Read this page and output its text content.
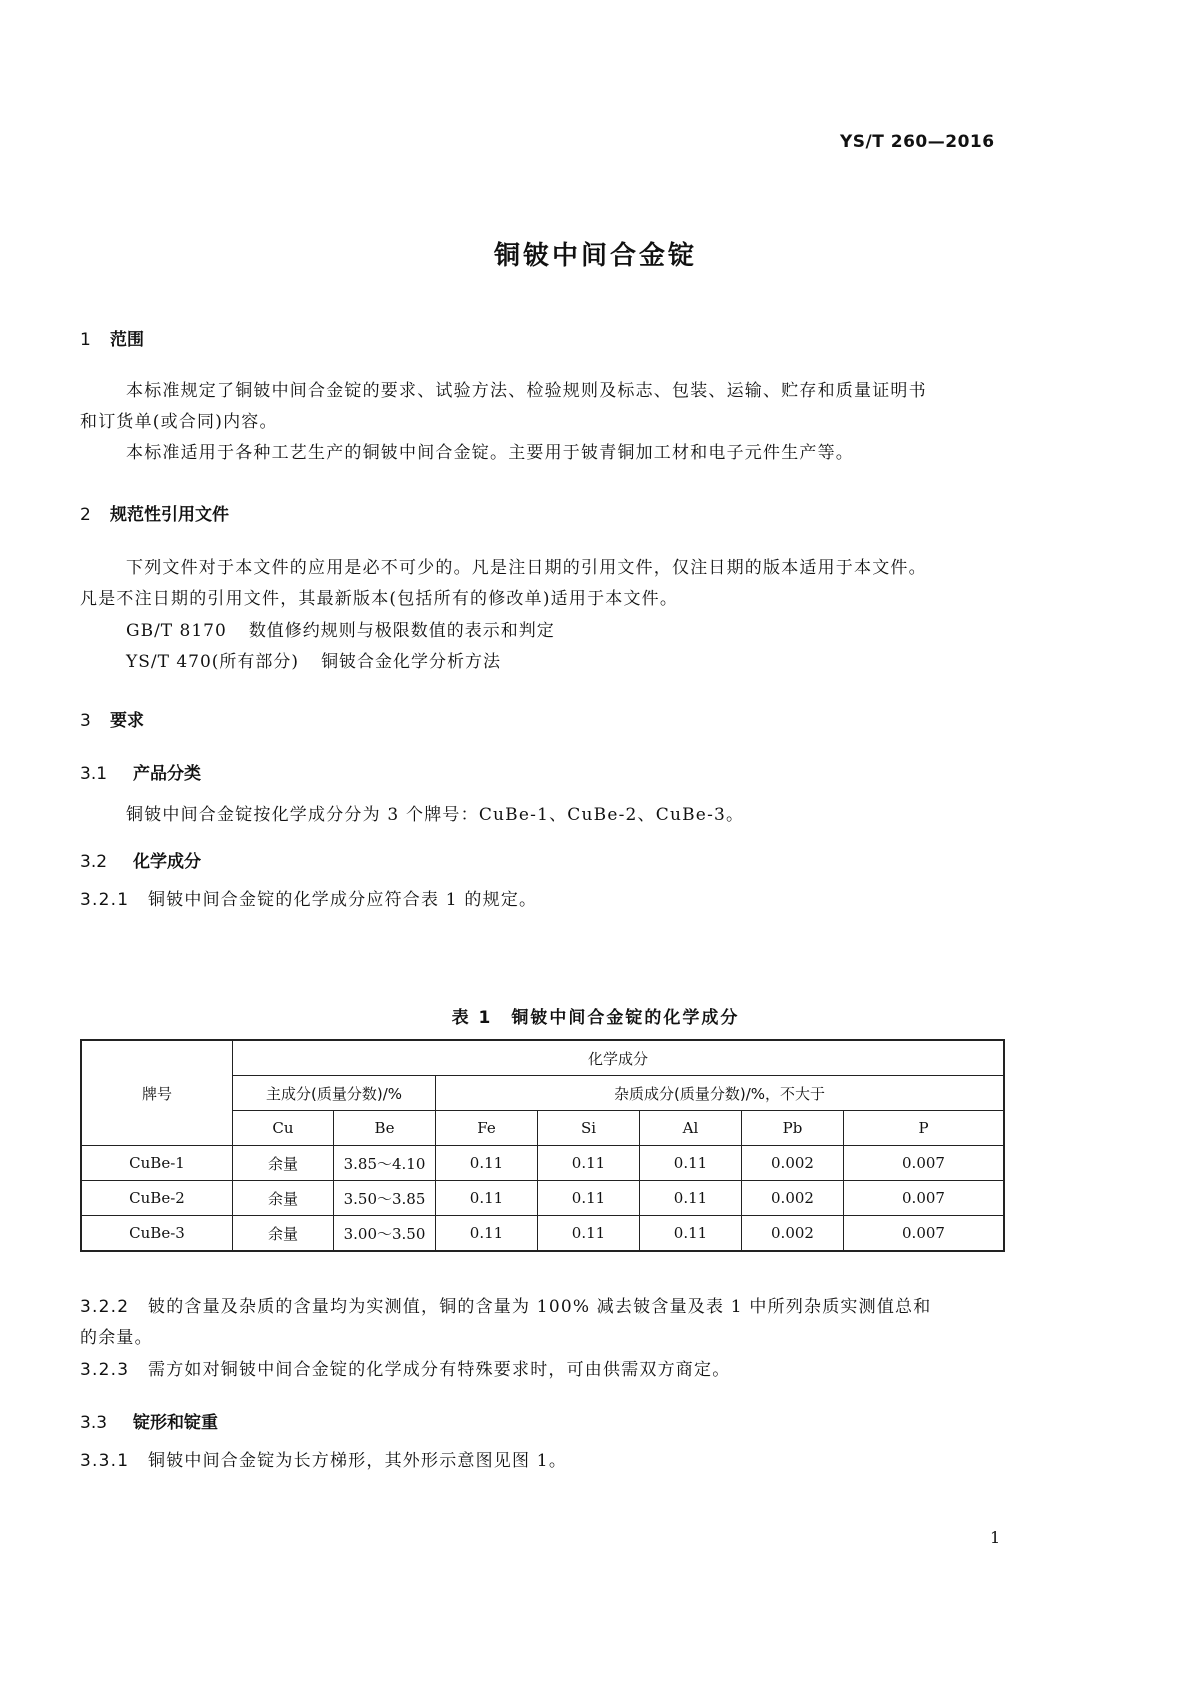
YS/T 260—2016
铜铍中间合金锭
1 范围
本标准规定了铜铍中间合金锭的要求、试验方法、检验规则及标志、包装、运输、贮存和质量证明书和订货单(或合同)内容。
本标准适用于各种工艺生产的铜铍中间合金锭。主要用于铍青铜加工材和电子元件生产等。
2 规范性引用文件
下列文件对于本文件的应用是必不可少的。凡是注日期的引用文件，仅注日期的版本适用于本文件。凡是不注日期的引用文件，其最新版本(包括所有的修改单)适用于本文件。
GB/T 8170 数值修约规则与极限数值的表示和判定
YS/T 470(所有部分) 铜铍合金化学分析方法
3 要求
3.1 产品分类
铜铍中间合金锭按化学成分分为 3 个牌号：CuBe-1、CuBe-2、CuBe-3。
3.2 化学成分
3.2.1 铜铍中间合金锭的化学成分应符合表 1 的规定。
表 1　铜铍中间合金锭的化学成分
牌号	化学成分						
	主成分(质量分数)/%		杂质成分(质量分数)/%，不大于				
	Cu	Be	Fe	Si	Al	Pb	P
CuBe-1	余量	3.85～4.10	0.11	0.11	0.11	0.002	0.007
CuBe-2	余量	3.50～3.85	0.11	0.11	0.11	0.002	0.007
CuBe-3	余量	3.00～3.50	0.11	0.11	0.11	0.002	0.007
3.2.2 铍的含量及杂质的含量均为实测值，铜的含量为 100% 减去铍含量及表 1 中所列杂质实测值总和的余量。
3.2.3 需方如对铜铍中间合金锭的化学成分有特殊要求时，可由供需双方商定。
3.3 锭形和锭重
3.3.1 铜铍中间合金锭为长方梯形，其外形示意图见图 1。
1
